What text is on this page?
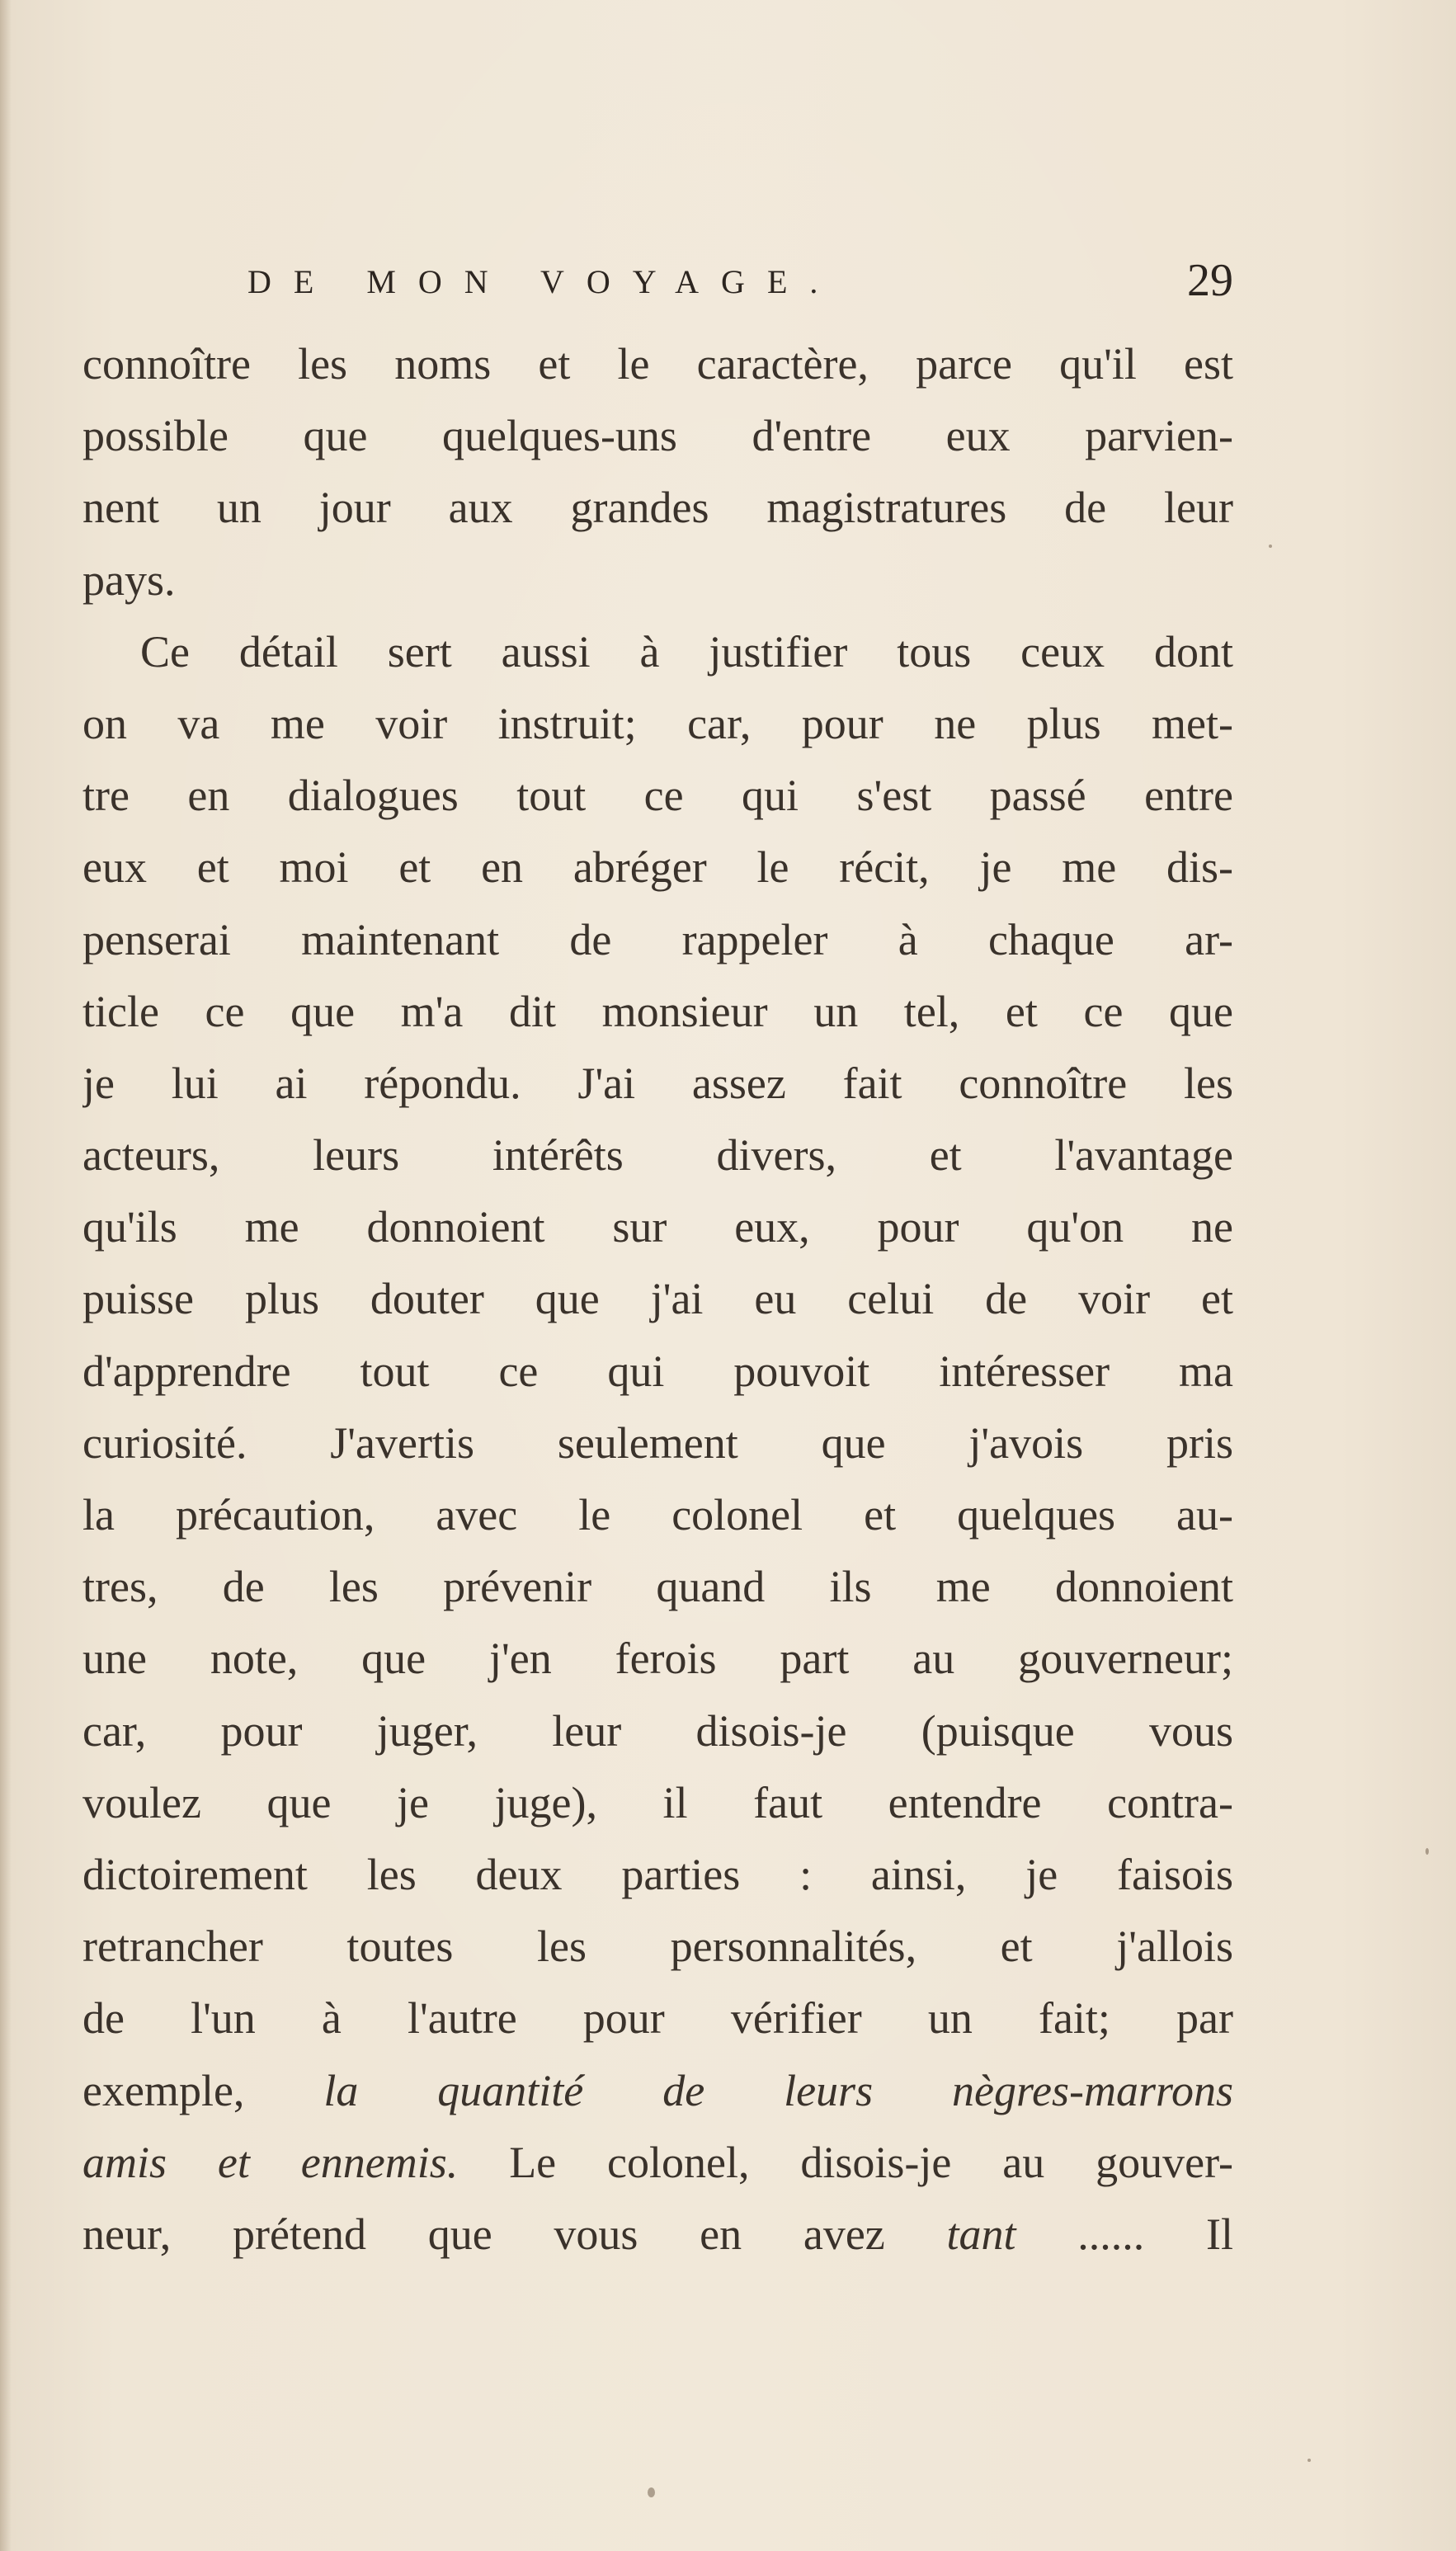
DE MON VOYAGE.	29
connoître les noms et le caractère, parce qu'il est
possible que quelques-uns d'entre eux parvien-
nent un jour aux grandes magistratures de leur
pays.
Ce détail sert aussi à justifier tous ceux dont
on va me voir instruit; car, pour ne plus met-
tre en dialogues tout ce qui s'est passé entre
eux et moi et en abréger le récit, je me dis-
penserai maintenant de rappeler à chaque ar-
ticle ce que m'a dit monsieur un tel, et ce que
je lui ai répondu. J'ai assez fait connoître les
acteurs, leurs intérêts divers, et l'avantage
qu'ils me donnoient sur eux, pour qu'on ne
puisse plus douter que j'ai eu celui de voir et
d'apprendre tout ce qui pouvoit intéresser ma
curiosité. J'avertis seulement que j'avois pris
la précaution, avec le colonel et quelques au-
tres, de les prévenir quand ils me donnoient
une note, que j'en ferois part au gouverneur;
car, pour juger, leur disois-je (puisque vous
voulez que je juge), il faut entendre contra-
dictoirement les deux parties : ainsi, je faisois
retrancher toutes les personnalités, et j'allois
de l'un à l'autre pour vérifier un fait; par
exemple, la quantité de leurs nègres-marrons
amis et ennemis. Le colonel, disois-je au gouver-
neur, prétend que vous en avez tant ...... Il
